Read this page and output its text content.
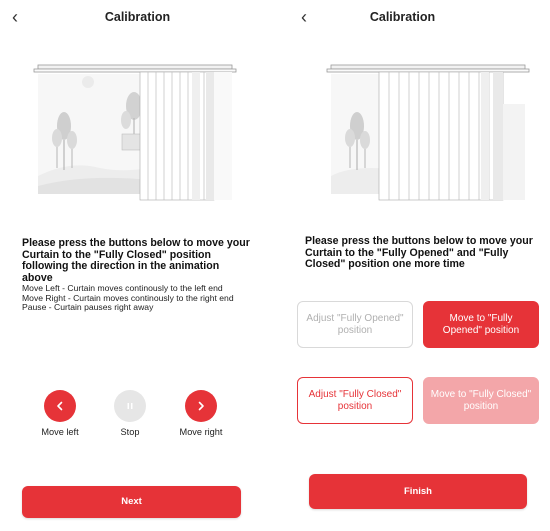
‹	Calibration
Please press the buttons below to move your Curtain to the "Fully Closed" position following the direction in the animation above
Move Left - Curtain moves continously to the left end
Move Right - Curtain moves continously to the right end
Pause - Curtain pauses right away
Move left	Stop	Move right
Next
‹	Calibration
Please press the buttons below to move your Curtain to the "Fully Opened" and "Fully Closed" position one more time
Adjust "Fully Opened" position
Move to "Fully Opened" position
Adjust "Fully Closed" position
Move to "Fully Closed" position
Finish
